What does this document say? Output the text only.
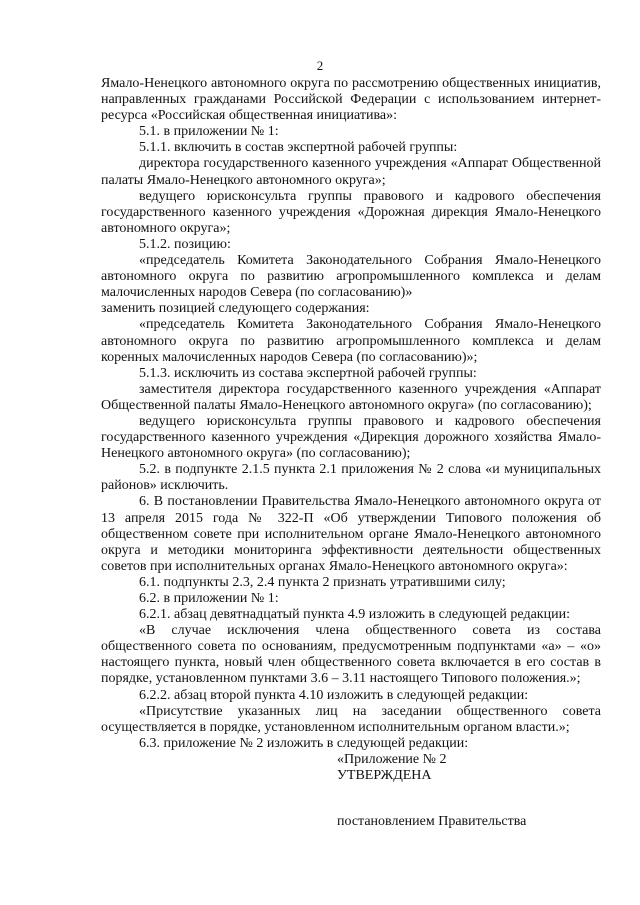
2

Ямало-Ненецкого автономного округа по рассмотрению общественных инициатив, направленных гражданами Российской Федерации с использованием интернет-ресурса «Российская общественная инициатива»:

5.1. в приложении № 1:

5.1.1. включить в состав экспертной рабочей группы:

директора государственного казенного учреждения «Аппарат Общественной палаты Ямало-Ненецкого автономного округа»;

ведущего юрисконсульта группы правового и кадрового обеспечения государственного казенного учреждения «Дорожная дирекция Ямало-Ненецкого автономного округа»;

5.1.2. позицию:

«председатель Комитета Законодательного Собрания Ямало-Ненецкого автономного округа по развитию агропромышленного комплекса и делам малочисленных народов Севера (по согласованию)»

заменить позицией следующего содержания:

«председатель Комитета Законодательного Собрания Ямало-Ненецкого автономного округа по развитию агропромышленного комплекса и делам коренных малочисленных народов Севера (по согласованию)»;

5.1.3. исключить из состава экспертной рабочей группы:

заместителя директора государственного казенного учреждения «Аппарат Общественной палаты Ямало-Ненецкого автономного округа» (по согласованию);

ведущего юрисконсульта группы правового и кадрового обеспечения государственного казенного учреждения «Дирекция дорожного хозяйства Ямало-Ненецкого автономного округа» (по согласованию);

5.2. в подпункте 2.1.5 пункта 2.1 приложения № 2 слова «и муниципальных районов» исключить.

6. В постановлении Правительства Ямало-Ненецкого автономного округа от 13 апреля 2015 года № 322-П «Об утверждении Типового положения об общественном совете при исполнительном органе Ямало-Ненецкого автономного округа и методики мониторинга эффективности деятельности общественных советов при исполнительных органах Ямало-Ненецкого автономного округа»:

6.1. подпункты 2.3, 2.4 пункта 2 признать утратившими силу;

6.2. в приложении № 1:

6.2.1. абзац девятнадцатый пункта 4.9 изложить в следующей редакции:

«В случае исключения члена общественного совета из состава общественного совета по основаниям, предусмотренным подпунктами «а» – «о» настоящего пункта, новый член общественного совета включается в его состав в порядке, установленном пунктами 3.6 – 3.11 настоящего Типового положения.»;

6.2.2. абзац второй пункта 4.10 изложить в следующей редакции:

«Присутствие указанных лиц на заседании общественного совета осуществляется в порядке, установленном исполнительным органом власти.»;

6.3. приложение № 2 изложить в следующей редакции:

«Приложение № 2

УТВЕРЖДЕНА

постановлением Правительства
